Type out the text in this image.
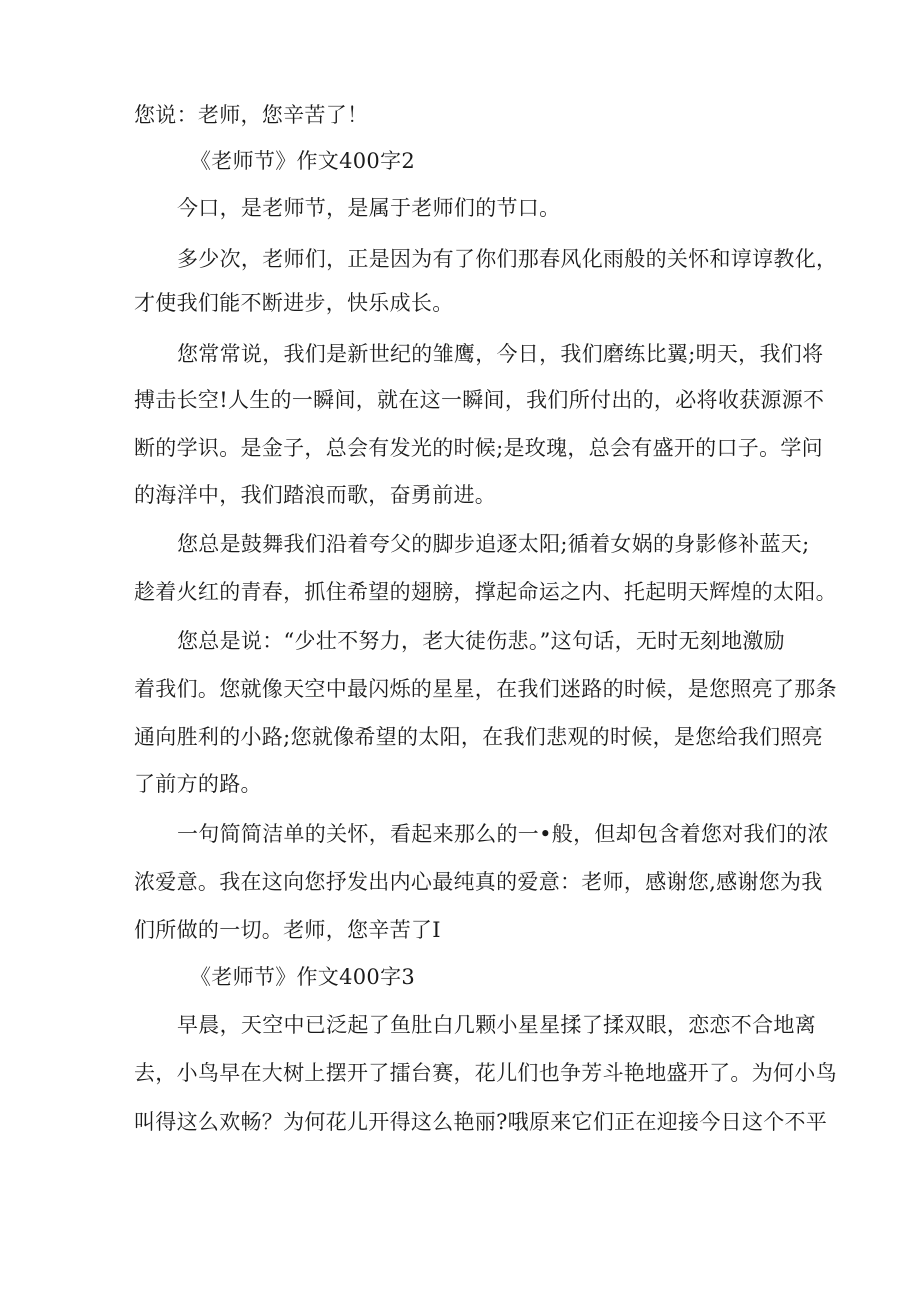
您说：老师，您辛苦了！
《老师节》作文400字2
今口，是老师节，是属于老师们的节口。
多少次，老师们，正是因为有了你们那春风化雨般的关怀和谆谆教化，
才使我们能不断进步，快乐成长。
您常常说，我们是新世纪的雏鹰，今日，我们磨练比翼;明天，我们将
搏击长空!人生的一瞬间，就在这一瞬间，我们所付出的，必将收获源源不
断的学识。是金子，总会有发光的时候;是玫瑰，总会有盛开的口子。学问
的海洋中，我们踏浪而歌，奋勇前进。
您总是鼓舞我们沿着夸父的脚步追逐太阳;循着女娲的身影修补蓝天;
趁着火红的青春，抓住希望的翅膀，撑起命运之内、托起明天辉煌的太阳。
您总是说：“少壮不努力，老大徒伤悲。”这句话，无时无刻地激励
着我们。您就像天空中最闪烁的星星，在我们迷路的时候，是您照亮了那条
通向胜利的小路;您就像希望的太阳，在我们悲观的时候，是您给我们照亮
了前方的路。
一句简简洁单的关怀，看起来那么的一•般，但却包含着您对我们的浓
浓爱意。我在这向您抒发出内心最纯真的爱意：老师，感谢您,感谢您为我
们所做的一切。老师，您辛苦了I
《老师节》作文400字3
早晨，天空中已泛起了鱼肚白几颗小星星揉了揉双眼，恋恋不合地离
去，小鸟早在大树上摆开了擂台赛，花儿们也争芳斗艳地盛开了。为何小鸟
叫得这么欢畅？为何花儿开得这么艳丽?哦原来它们正在迎接今日这个不平
